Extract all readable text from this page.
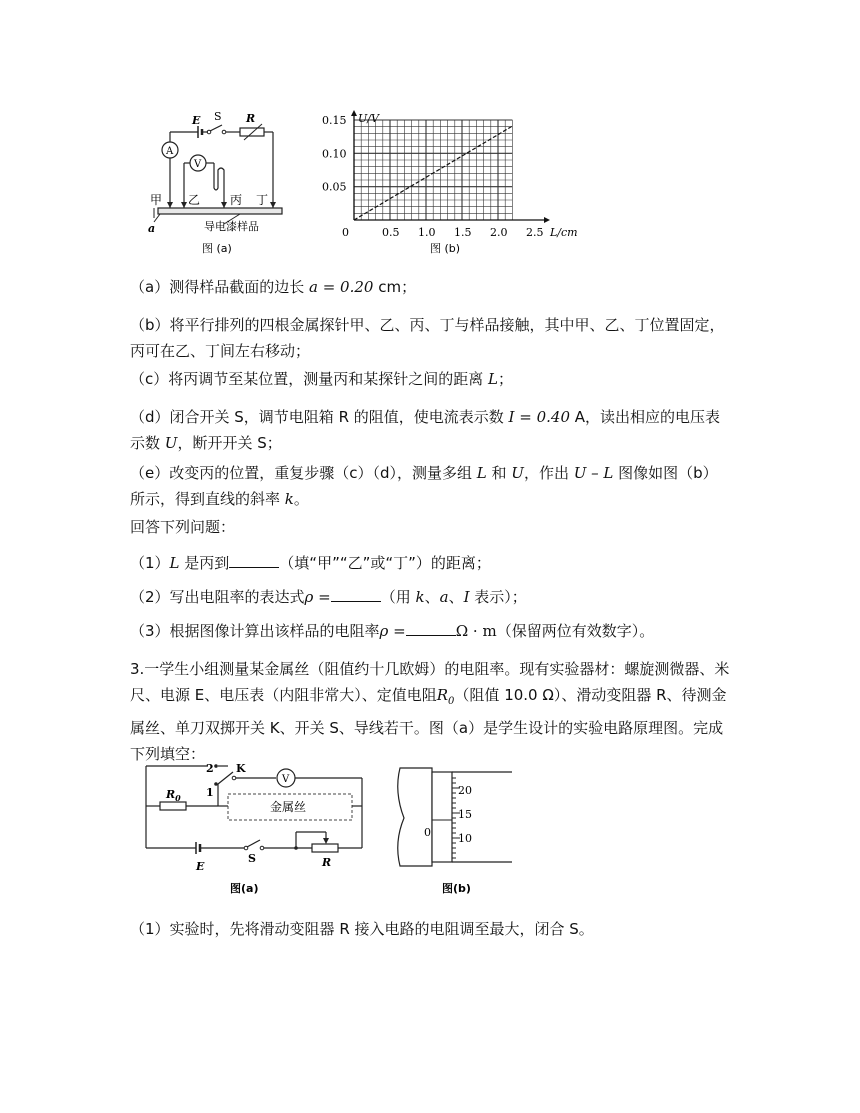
E S R
A
V
甲 乙 丙 丁
导电漆样品
a
图 (a)
U/V
L/cm
0
0.05
0.10
0.15
0.5 1.0 1.5 2.0 2.5
图 (b)

（a）测得样品截面的边长 a = 0.20 cm；

（b）将平行排列的四根金属探针甲、乙、丙、丁与样品接触，其中甲、乙、丁位置固定，丙可在乙、丁间左右移动；

（c）将丙调节至某位置，测量丙和某探针之间的距离 L；

（d）闭合开关 S，调节电阻箱 R 的阻值，使电流表示数 I = 0.40 A，读出相应的电压表示数 U，断开开关 S；

（e）改变丙的位置，重复步骤（c）（d），测量多组 L 和 U，作出 U – L 图像如图（b）所示，得到直线的斜率 k。

回答下列问题：

（1）L 是丙到	（填“甲”“乙”或“丁”）的距离；

（2）写出电阻率的表达式ρ =	（用 k、a、I 表示）；

（3）根据图像计算出该样品的电阻率ρ =	Ω · m（保留两位有效数字）。

3.一学生小组测量某金属丝（阻值约十几欧姆）的电阻率。现有实验器材：螺旋测微器、米尺、电源 E、电压表（内阻非常大）、定值电阻$R_0$（阻值 10.0 Ω）、滑动变阻器 R、待测金属丝、单刀双掷开关 K、开关 S、导线若干。图（a）是学生设计的实验电路原理图。完成下列填空：

2
1
K
V
$R_0$
金属丝
E
S	R
图(a)
20
15
10
0
图(b)

（1）实验时，先将滑动变阻器 R 接入电路的电阻调至最大，闭合 S。
